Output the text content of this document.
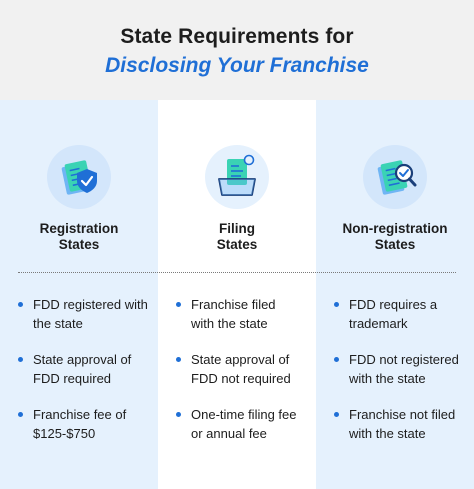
State Requirements for
Disclosing Your Franchise
Registration
States
Filing
States
Non-registration
States
FDD registered with
the state
State approval of
FDD required
Franchise fee of
$125-$750
Franchise filed
with the state
State approval of
FDD not required
One-time filing fee
or annual fee
FDD requires a
trademark
FDD not registered
with the state
Franchise not filed
with the state
